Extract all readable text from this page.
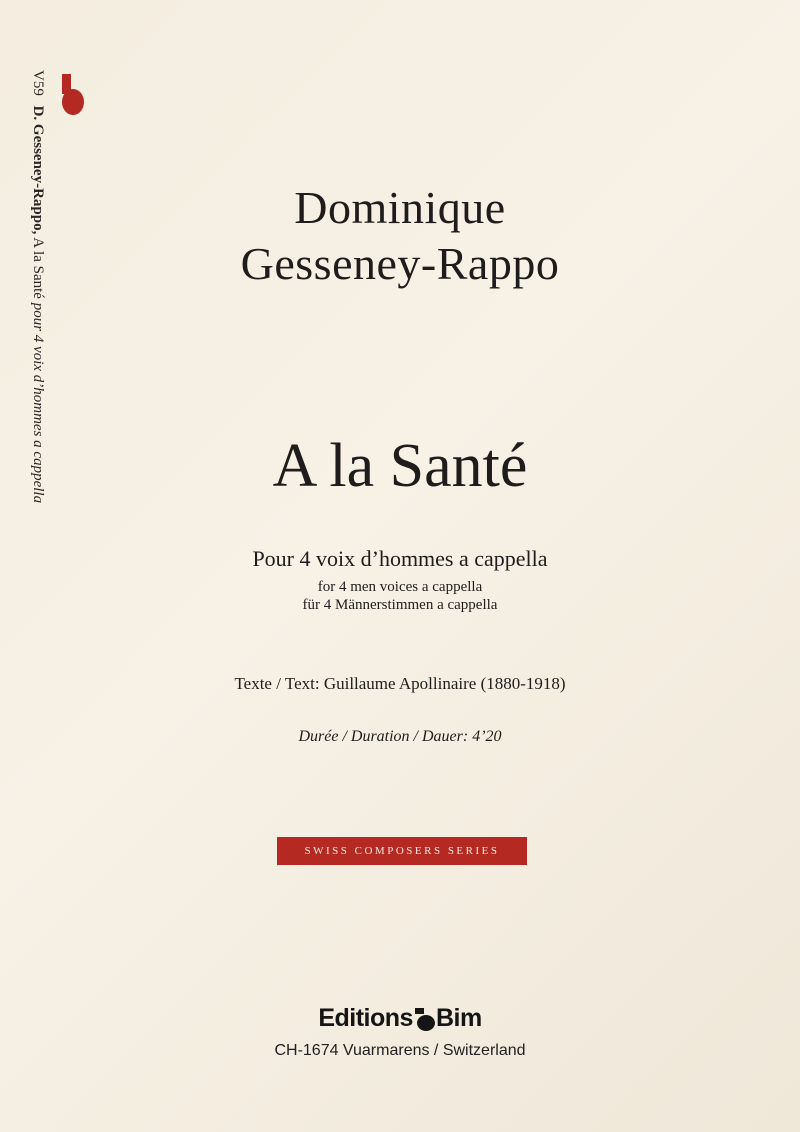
V59 D. Gesseney-Rappo, A la Santé pour 4 voix d’hommes a cappella
Dominique
Gesseney-Rappo
A la Santé
Pour 4 voix d’hommes a cappella
for 4 men voices a cappella
für 4 Männerstimmen a cappella
Texte / Text: Guillaume Apollinaire (1880-1918)
Durée / Duration / Dauer: 4’20
SWISS COMPOSERS SERIES
Editions Bim
CH-1674 Vuarmarens / Switzerland
